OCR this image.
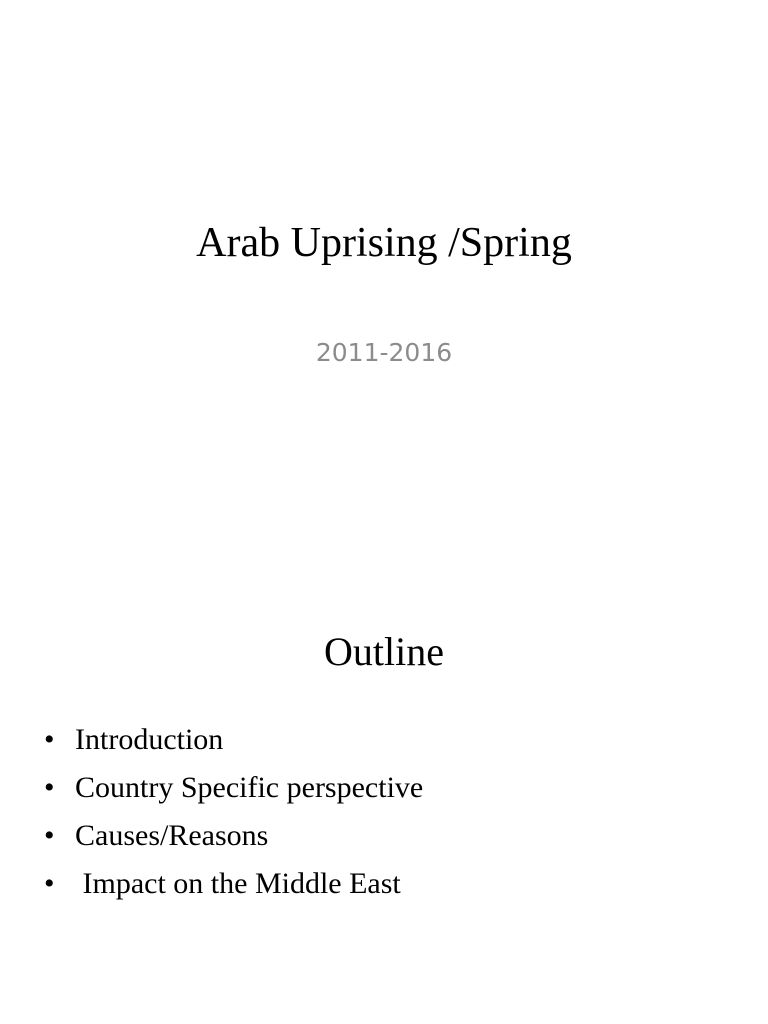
Arab Uprising /Spring
2011-2016
Outline
• Introduction
• Country Specific perspective
• Causes/Reasons
• Impact on the Middle East
